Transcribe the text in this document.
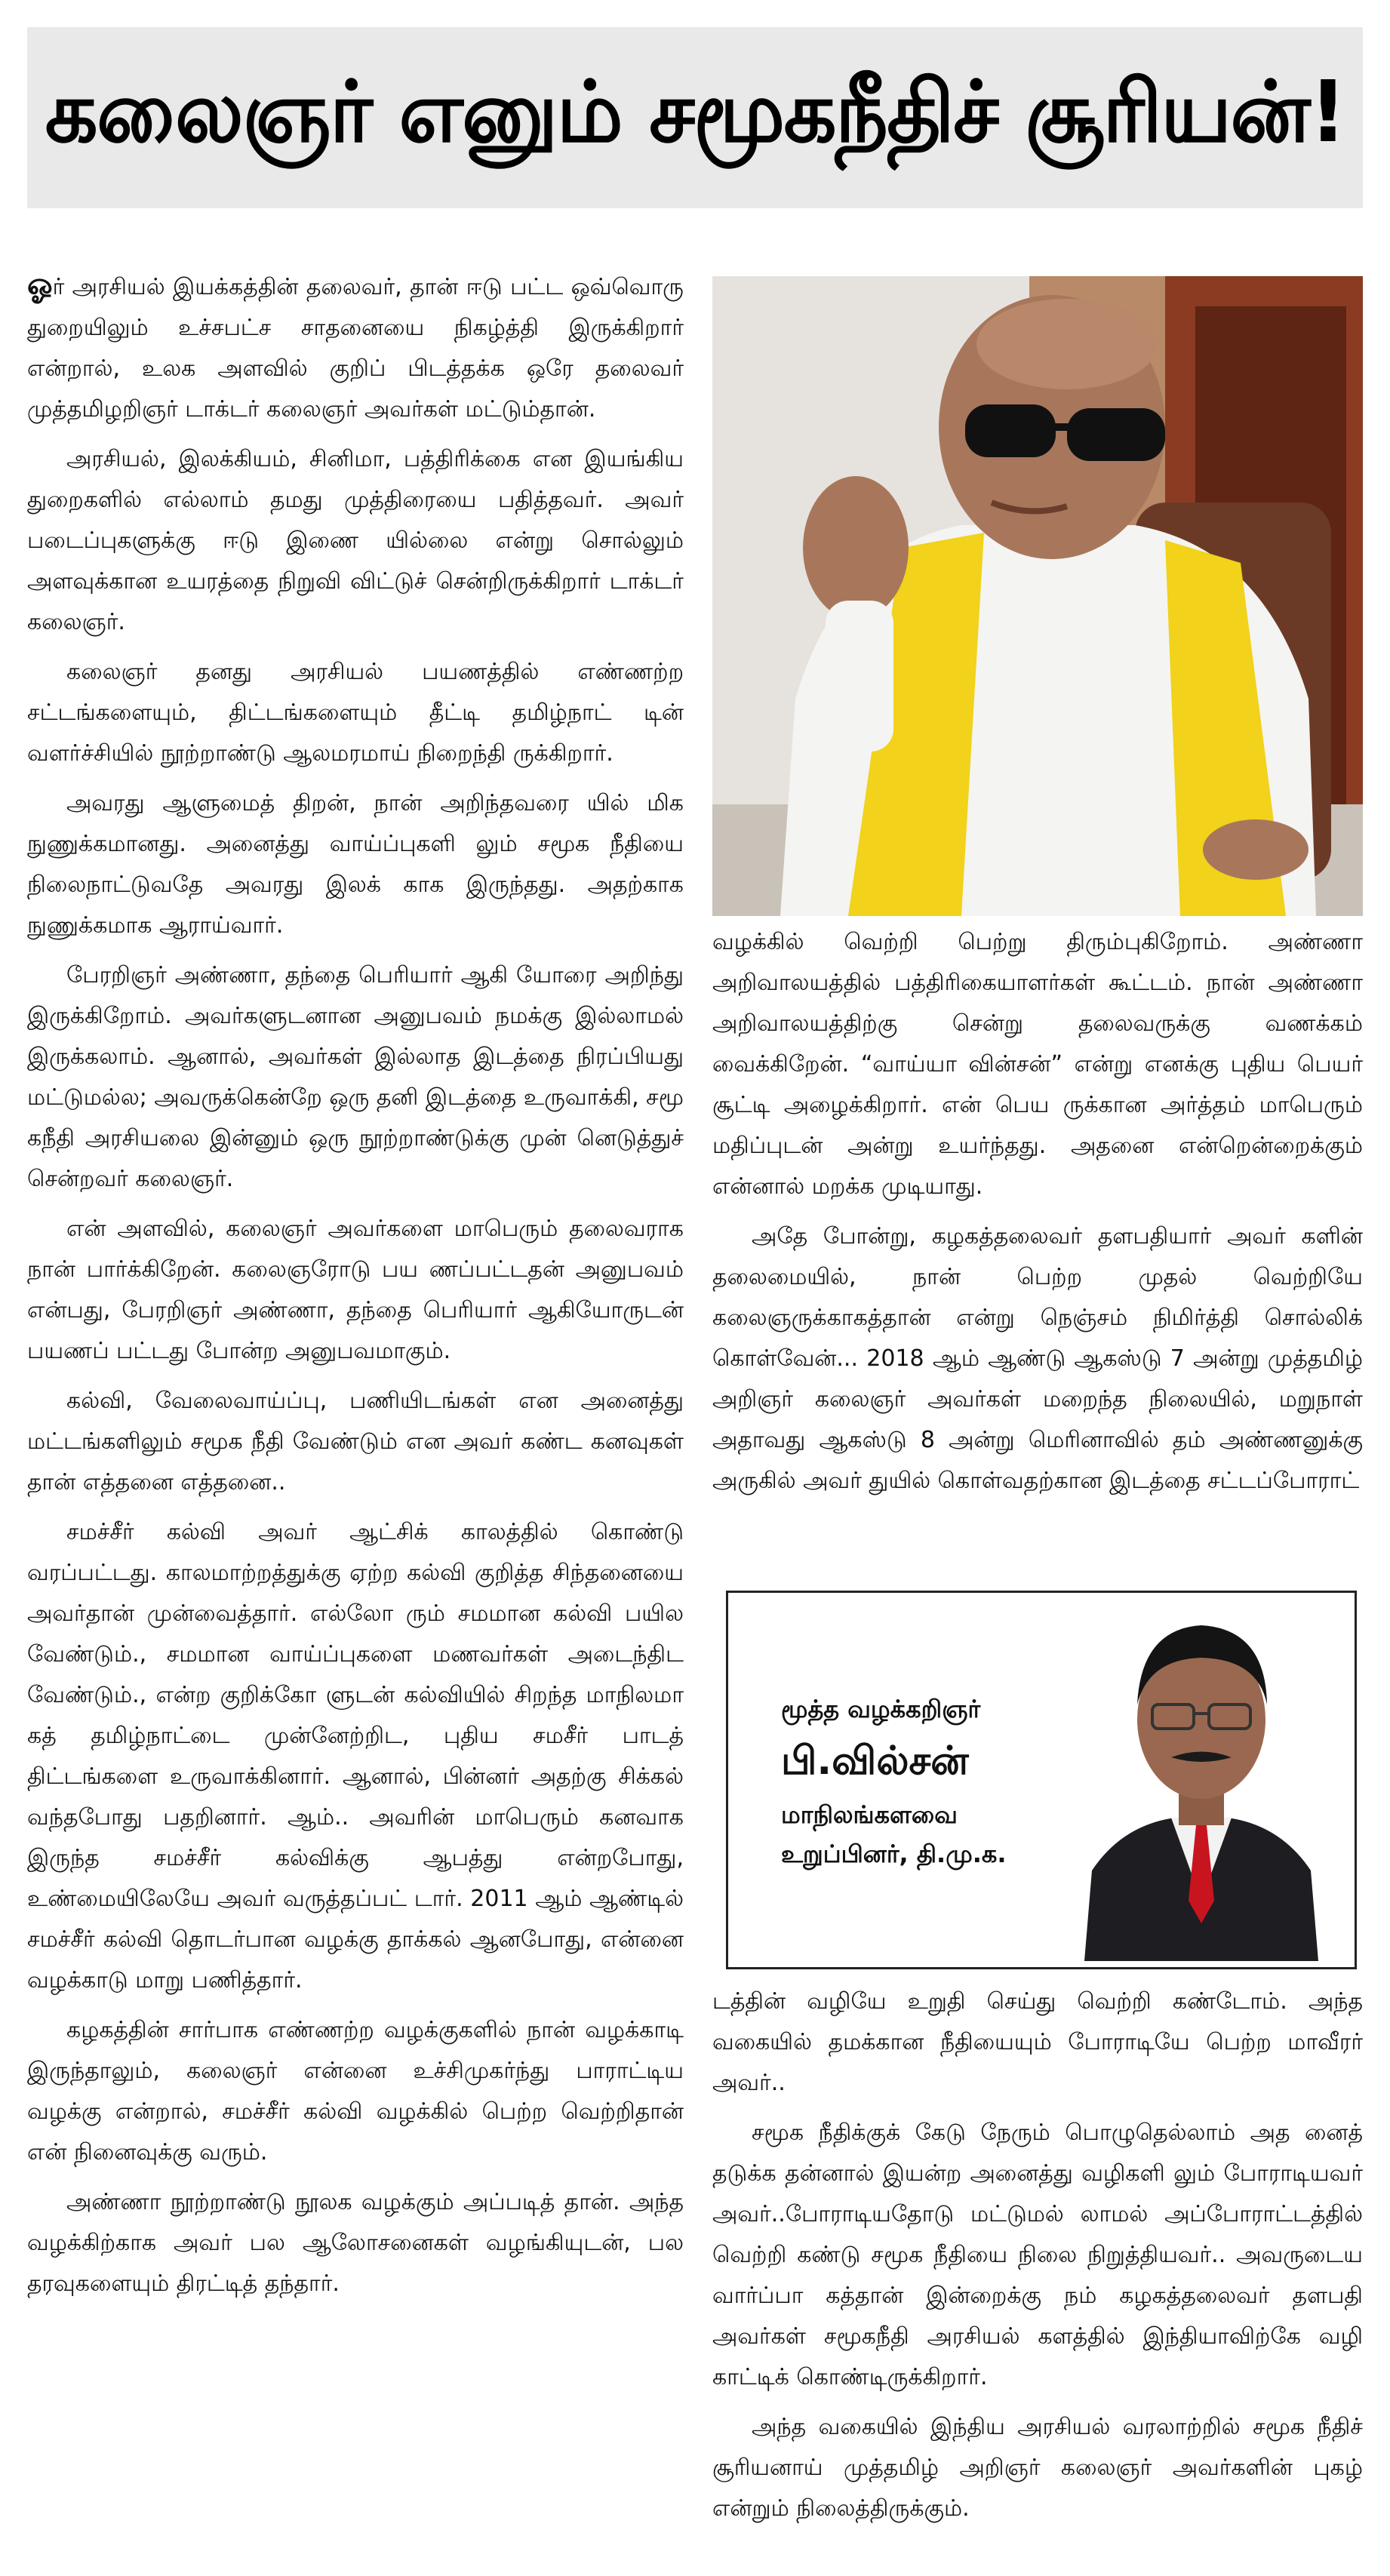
கலைஞர் எனும் சமூகநீதிச் சூரியன்!

ஓர் அரசியல் இயக்கத்தின் தலைவர், தான் ஈடு பட்ட ஒவ்வொரு துறையிலும் உச்சபட்ச சாதனையை நிகழ்த்தி இருக்கிறார் என்றால், உலக அளவில் குறிப் பிடத்தக்க ஒரே தலைவர் முத்தமிழறிஞர் டாக்டர் கலைஞர் அவர்கள் மட்டும்தான்.

அரசியல், இலக்கியம், சினிமா, பத்திரிக்கை என இயங்கிய துறைகளில் எல்லாம் தமது முத்திரையை பதித்தவர். அவர் படைப்புகளுக்கு ஈடு இணை யில்லை என்று சொல்லும் அளவுக்கான உயரத்தை நிறுவி விட்டுச் சென்றிருக்கிறார் டாக்டர் கலைஞர்.

கலைஞர் தனது அரசியல் பயணத்தில் எண்ணற்ற சட்டங்களையும், திட்டங்களையும் தீட்டி தமிழ்நாட் டின் வளர்ச்சியில் நூற்றாண்டு ஆலமரமாய் நிறைந்தி ருக்கிறார்.

அவரது ஆளுமைத் திறன், நான் அறிந்தவரை யில் மிக நுணுக்கமானது. அனைத்து வாய்ப்புகளி லும் சமூக நீதியை நிலைநாட்டுவதே அவரது இலக் காக இருந்தது. அதற்காக நுணுக்கமாக ஆராய்வார்.

பேரறிஞர் அண்ணா, தந்தை பெரியார் ஆகி யோரை அறிந்து இருக்கிறோம். அவர்களுடனான அனுபவம் நமக்கு இல்லாமல் இருக்கலாம். ஆனால், அவர்கள் இல்லாத இடத்தை நிரப்பியது மட்டுமல்ல; அவருக்கென்றே ஒரு தனி இடத்தை உருவாக்கி, சமூ கநீதி அரசியலை இன்னும் ஒரு நூற்றாண்டுக்கு முன் னெடுத்துச் சென்றவர் கலைஞர்.

என் அளவில், கலைஞர் அவர்களை மாபெரும் தலைவராக நான் பார்க்கிறேன். கலைஞரோடு பய ணப்பட்டதன் அனுபவம் என்பது, பேரறிஞர் அண்ணா, தந்தை பெரியார் ஆகியோருடன் பயணப் பட்டது போன்ற அனுபவமாகும்.

கல்வி, வேலைவாய்ப்பு, பணியிடங்கள் என அனைத்து மட்டங்களிலும் சமூக நீதி வேண்டும் என அவர் கண்ட கனவுகள் தான் எத்தனை எத்தனை..

சமச்சீர் கல்வி அவர் ஆட்சிக் காலத்தில் கொண்டு வரப்பட்டது. காலமாற்றத்துக்கு ஏற்ற கல்வி குறித்த சிந்தனையை அவர்தான் முன்வைத்தார். எல்லோ ரும் சமமான கல்வி பயில வேண்டும்., சமமான வாய்ப்புகளை மணவர்கள் அடைந்திட வேண்டும்., என்ற குறிக்கோ ளுடன் கல்வியில் சிறந்த மாநிலமா கத் தமிழ்நாட்டை முன்னேற்றிட, புதிய சமசீர் பாடத் திட்டங்களை உருவாக்கினார். ஆனால், பின்னர் அதற்கு சிக்கல் வந்தபோது பதறினார். ஆம்.. அவரின் மாபெரும் கனவாக இருந்த சமச்சீர் கல்விக்கு ஆபத்து என்றபோது, உண்மையிலேயே அவர் வருத்தப்பட் டார். 2011 ஆம் ஆண்டில் சமச்சீர் கல்வி தொடர்பான வழக்கு தாக்கல் ஆனபோது, என்னை வழக்காடு மாறு பணித்தார்.

கழகத்தின் சார்பாக எண்ணற்ற வழக்குகளில் நான் வழக்காடி இருந்தாலும், கலைஞர் என்னை உச்சிமுகர்ந்து பாராட்டிய வழக்கு என்றால், சமச்சீர் கல்வி வழக்கில் பெற்ற வெற்றிதான் என் நினைவுக்கு வரும்.

அண்ணா நூற்றாண்டு நூலக வழக்கும் அப்படித் தான். அந்த வழக்கிற்காக அவர் பல ஆலோசனைகள் வழங்கியுடன், பல தரவுகளையும் திரட்டித் தந்தார்.

வழக்கில் வெற்றி பெற்று திரும்புகிறோம். அண்ணா அறிவாலயத்தில் பத்திரிகையாளர்கள் கூட்டம். நான் அண்ணா அறிவாலயத்திற்கு சென்று தலைவருக்கு வணக்கம் வைக்கிறேன். “வாய்யா வின்சன்” என்று எனக்கு புதிய பெயர் சூட்டி அழைக்கிறார். என் பெய ருக்கான அர்த்தம் மாபெரும் மதிப்புடன் அன்று உயர்ந்தது. அதனை என்றென்றைக்கும் என்னால் மறக்க முடியாது.

அதே போன்று, கழகத்தலைவர் தளபதியார் அவர் களின் தலைமையில், நான் பெற்ற முதல் வெற்றியே கலைஞருக்காகத்தான் என்று நெஞ்சம் நிமிர்த்தி சொல்லிக் கொள்வேன்... 2018 ஆம் ஆண்டு ஆகஸ்டு 7 அன்று முத்தமிழ் அறிஞர் கலைஞர் அவர்கள் மறைந்த நிலையில், மறுநாள் அதாவது ஆகஸ்டு 8 அன்று மெரினாவில் தம் அண்ணனுக்கு அருகில் அவர் துயில் கொள்வதற்கான இடத்தை சட்டப்போராட்

மூத்த வழக்கறிஞர்

பி.வில்சன்

மாநிலங்களவை

உறுப்பினர், தி.மு.க.

டத்தின் வழியே உறுதி செய்து வெற்றி கண்டோம். அந்த வகையில் தமக்கான நீதியையும் போராடியே பெற்ற மாவீரர் அவர்..

சமூக நீதிக்குக் கேடு நேரும் பொழுதெல்லாம் அத னைத் தடுக்க தன்னால் இயன்ற அனைத்து வழிகளி லும் போராடியவர் அவர்..போராடியதோடு மட்டுமல் லாமல் அப்போராட்டத்தில் வெற்றி கண்டு சமூக நீதியை நிலை நிறுத்தியவர்.. அவருடைய வார்ப்பா கத்தான் இன்றைக்கு நம் கழகத்தலைவர் தளபதி அவர்கள் சமூகநீதி அரசியல் களத்தில் இந்தியாவிற்கே வழி காட்டிக் கொண்டிருக்கிறார்.

அந்த வகையில் இந்திய அரசியல் வரலாற்றில் சமூக நீதிச் சூரியனாய் முத்தமிழ் அறிஞர் கலைஞர் அவர்களின் புகழ் என்றும் நிலைத்திருக்கும்.
